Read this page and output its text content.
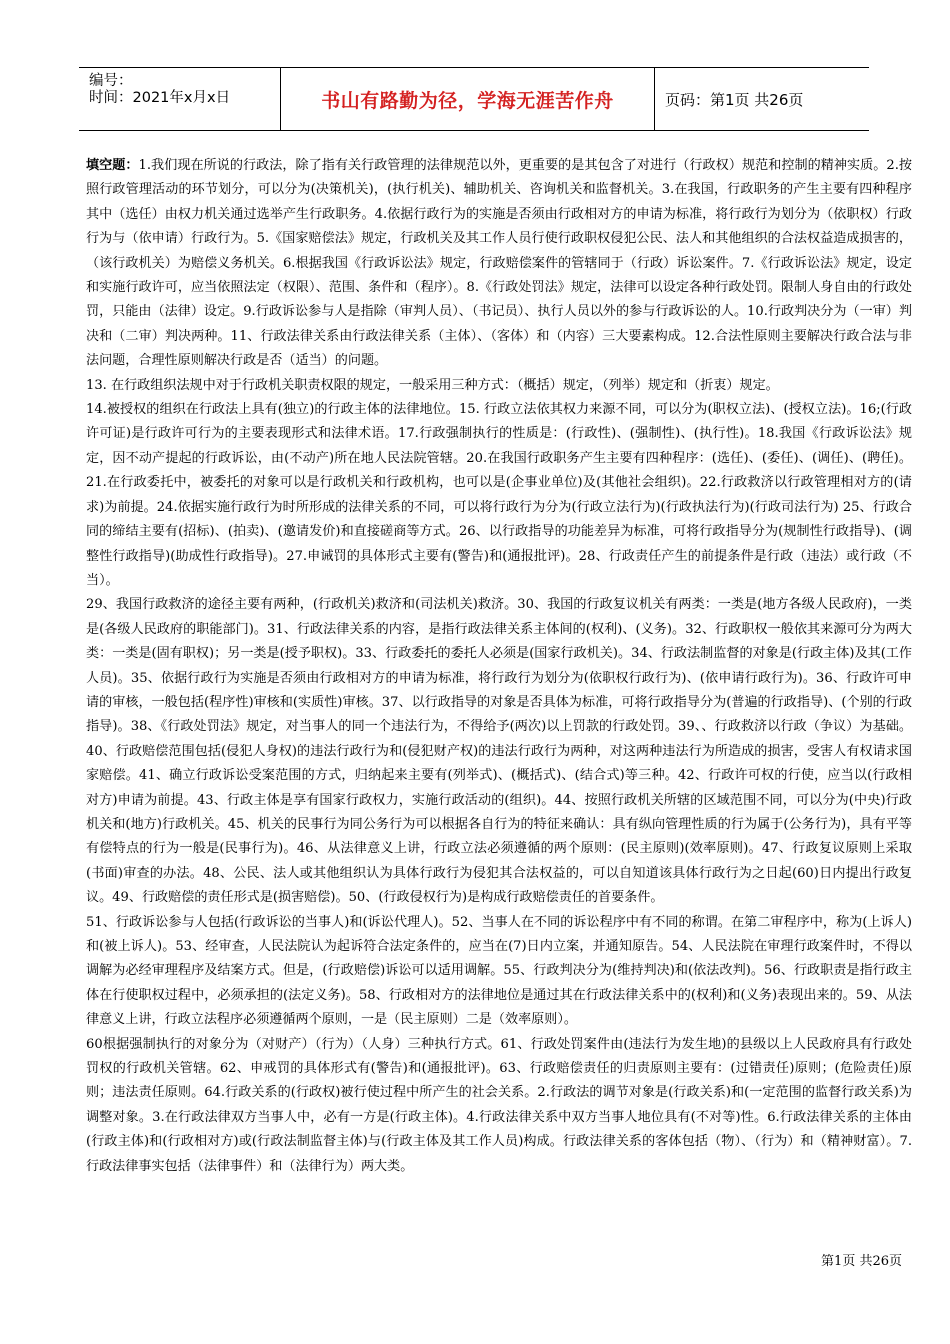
编号：
时间：2021年x月x日	书山有路勤为径，学海无涯苦作舟	页码：第1页 共26页

填空题：1.我们现在所说的行政法，除了指有关行政管理的法律规范以外，更重要的是其包含了对进行（行政权）规范和控制的精神实质。2.按照行政管理活动的环节划分，可以分为(决策机关)，(执行机关)、辅助机关、咨询机关和监督机关。3.在我国，行政职务的产生主要有四种程序其中（选任）由权力机关通过选举产生行政职务。4.依据行政行为的实施是否须由行政相对方的申请为标准，将行政行为划分为（依职权）行政行为与（依申请）行政行为。5.《国家赔偿法》规定，行政机关及其工作人员行使行政职权侵犯公民、法人和其他组织的合法权益造成损害的，（该行政机关）为赔偿义务机关。6.根据我国《行政诉讼法》规定，行政赔偿案件的管辖同于（行政）诉讼案件。7.《行政诉讼法》规定，设定和实施行政许可，应当依照法定（权限）、范围、条件和（程序）。8.《行政处罚法》规定，法律可以设定各种行政处罚。限制人身自由的行政处罚，只能由（法律）设定。9.行政诉讼参与人是指除（审判人员）、（书记员）、执行人员以外的参与行政诉讼的人。10.行政判决分为（一审）判决和（二审）判决两种。11、行政法律关系由行政法律关系（主体）、（客体）和（内容）三大要素构成。12.合法性原则主要解决行政合法与非法问题，合理性原则解决行政是否（适当）的问题。

13. 在行政组织法规中对于行政机关职责权限的规定，一般采用三种方式：（概括）规定，（列举）规定和（折衷）规定。

14.被授权的组织在行政法上具有(独立)的行政主体的法律地位。15. 行政立法依其权力来源不同，可以分为(职权立法)、(授权立法)。16;(行政许可证)是行政许可行为的主要表现形式和法律术语。17.行政强制执行的性质是：(行政性)、(强制性)、(执行性)。18.我国《行政诉讼法》规定，因不动产提起的行政诉讼，由(不动产)所在地人民法院管辖。20.在我国行政职务产生主要有四种程序：(选任)、(委任)、(调任)、(聘任)。21.在行政委托中，被委托的对象可以是行政机关和行政机构，也可以是(企事业单位)及(其他社会组织)。22.行政救济以行政管理相对方的(请求)为前提。24.依据实施行政行为时所形成的法律关系的不同，可以将行政行为分为(行政立法行为)(行政执法行为)(行政司法行为) 25、行政合同的缔结主要有(招标)、(拍卖)、(邀请发价)和直接磋商等方式。26、以行政指导的功能差异为标准，可将行政指导分为(规制性行政指导)、(调整性行政指导)(助成性行政指导)。27.申诫罚的具体形式主要有(警告)和(通报批评)。28、行政责任产生的前提条件是行政（违法）或行政（不当）。

29、我国行政救济的途径主要有两种，(行政机关)救济和(司法机关)救济。30、我国的行政复议机关有两类：一类是(地方各级人民政府)，一类是(各级人民政府的职能部门)。31、行政法律关系的内容，是指行政法律关系主体间的(权利)、(义务)。32、行政职权一般依其来源可分为两大类：一类是(固有职权)；另一类是(授予职权)。33、行政委托的委托人必须是(国家行政机关)。34、行政法制监督的对象是(行政主体)及其(工作人员)。35、依据行政行为实施是否须由行政相对方的申请为标准，将行政行为划分为(依职权行政行为)、(依申请行政行为)。36、行政许可申请的审核，一般包括(程序性)审核和(实质性)审核。37、以行政指导的对象是否具体为标准，可将行政指导分为(普遍的行政指导)、(个别的行政指导)。38、《行政处罚法》规定，对当事人的同一个违法行为，不得给予(两次)以上罚款的行政处罚。39、、行政救济以行政（争议）为基础。40、行政赔偿范围包括(侵犯人身权)的违法行政行为和(侵犯财产权)的违法行政行为两种，对这两种违法行为所造成的损害，受害人有权请求国家赔偿。41、确立行政诉讼受案范围的方式，归纳起来主要有(列举式)、(概括式)、(结合式)等三种。42、行政许可权的行使，应当以(行政相对方)申请为前提。43、行政主体是享有国家行政权力，实施行政活动的(组织)。44、按照行政机关所辖的区域范围不同，可以分为(中央)行政机关和(地方)行政机关。45、机关的民事行为同公务行为可以根据各自行为的特征来确认：具有纵向管理性质的行为属于(公务行为)，具有平等有偿特点的行为一般是(民事行为)。46、从法律意义上讲，行政立法必须遵循的两个原则：(民主原则)(效率原则)。47、行政复议原则上采取(书面)审查的办法。48、公民、法人或其他组织认为具体行政行为侵犯其合法权益的，可以自知道该具体行政行为之日起(60)日内提出行政复议。49、行政赔偿的责任形式是(损害赔偿)。50、(行政侵权行为)是构成行政赔偿责任的首要条件。

51、行政诉讼参与人包括(行政诉讼的当事人)和(诉讼代理人)。52、当事人在不同的诉讼程序中有不同的称谓。在第二审程序中，称为(上诉人)和(被上诉人)。53、经审查，人民法院认为起诉符合法定条件的，应当在(7)日内立案，并通知原告。54、人民法院在审理行政案件时，不得以调解为必经审理程序及结案方式。但是，(行政赔偿)诉讼可以适用调解。55、行政判决分为(维持判决)和(依法改判)。56、行政职责是指行政主体在行使职权过程中，必须承担的(法定义务)。58、行政相对方的法律地位是通过其在行政法律关系中的(权利)和(义务)表现出来的。59、从法律意义上讲，行政立法程序必须遵循两个原则，一是（民主原则）二是（效率原则）。

60根据强制执行的对象分为（对财产）（行为）（人身）三种执行方式。61、行政处罚案件由(违法行为发生地)的县级以上人民政府具有行政处罚权的行政机关管辖。62、申戒罚的具体形式有(警告)和(通报批评)。63、行政赔偿责任的归责原则主要有：(过错责任)原则；(危险责任)原则；违法责任原则。64.行政关系的(行政权)被行使过程中所产生的社会关系。2.行政法的调节对象是(行政关系)和(一定范围的监督行政关系)为调整对象。3.在行政法律双方当事人中，必有一方是(行政主体)。4.行政法律关系中双方当事人地位具有(不对等)性。6.行政法律关系的主体由(行政主体)和(行政相对方)或(行政法制监督主体)与(行政主体及其工作人员)构成。行政法律关系的客体包括（物）、（行为）和（精神财富）。7. 行政法律事实包括（法律事件）和（法律行为）两大类。

第1页 共26页
